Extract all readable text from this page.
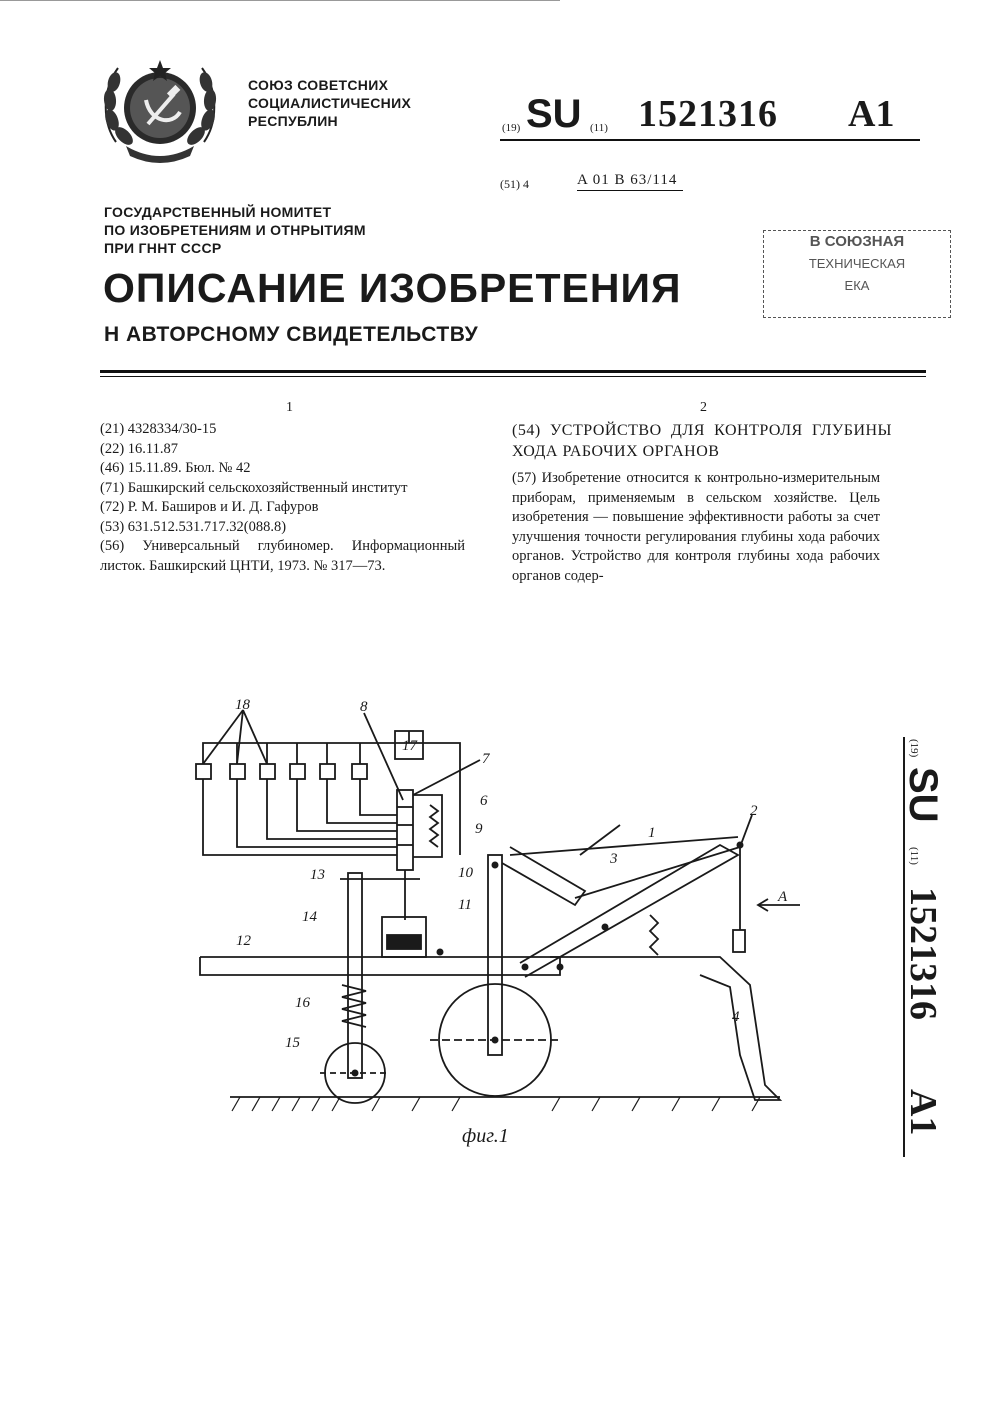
СОЮЗ СОВЕТСНИХ
СОЦИАЛИСТИЧЕСНИХ
РЕСПУБЛИН	(19) SU (11) 1521316 A1
(51) 4	A 01 B 63/114
ГОСУДАРСТВЕННЫЙ НОМИТЕТ
ПО ИЗОБРЕТЕНИЯМ И ОТНРЫТИЯМ
ПРИ ГННТ СССР	В СОЮЗНАЯ
ТЕХНИЧЕСКАЯ
ЕКА
ОПИСАНИЕ ИЗОБРЕТЕНИЯ
Н АВТОРСНОМУ СВИДЕТЕЛЬСТВУ
1	2

(21) 4328334/30-15

(22) 16.11.87

(46) 15.11.89. Бюл. № 42

(71) Башкирский сельскохозяйственный институт

(72) Р. М. Баширов и И. Д. Гафуров

(53) 631.512.531.717.32(088.8)

(56) Универсальный глубиномер. Информационный листок. Башкирский ЦНТИ, 1973. № 317—73.

(54) УСТРОЙСТВО ДЛЯ КОНТРОЛЯ ГЛУБИНЫ ХОДА РАБОЧИХ ОРГАНОВ
(57) Изобретение относится к контрольно-измерительным приборам, применяемым в сельском хозяйстве. Цель изобретения — повышение эффективности работы за счет улучшения точности регулирования глубины хода рабочих органов. Устройство для контроля глубины хода рабочих органов содер-
18	8
17
7
6
9	1
2
3
13	10
14
11	A
12
4
16
15
фиг.1
(19)
SU
(11)
1521316
A1
